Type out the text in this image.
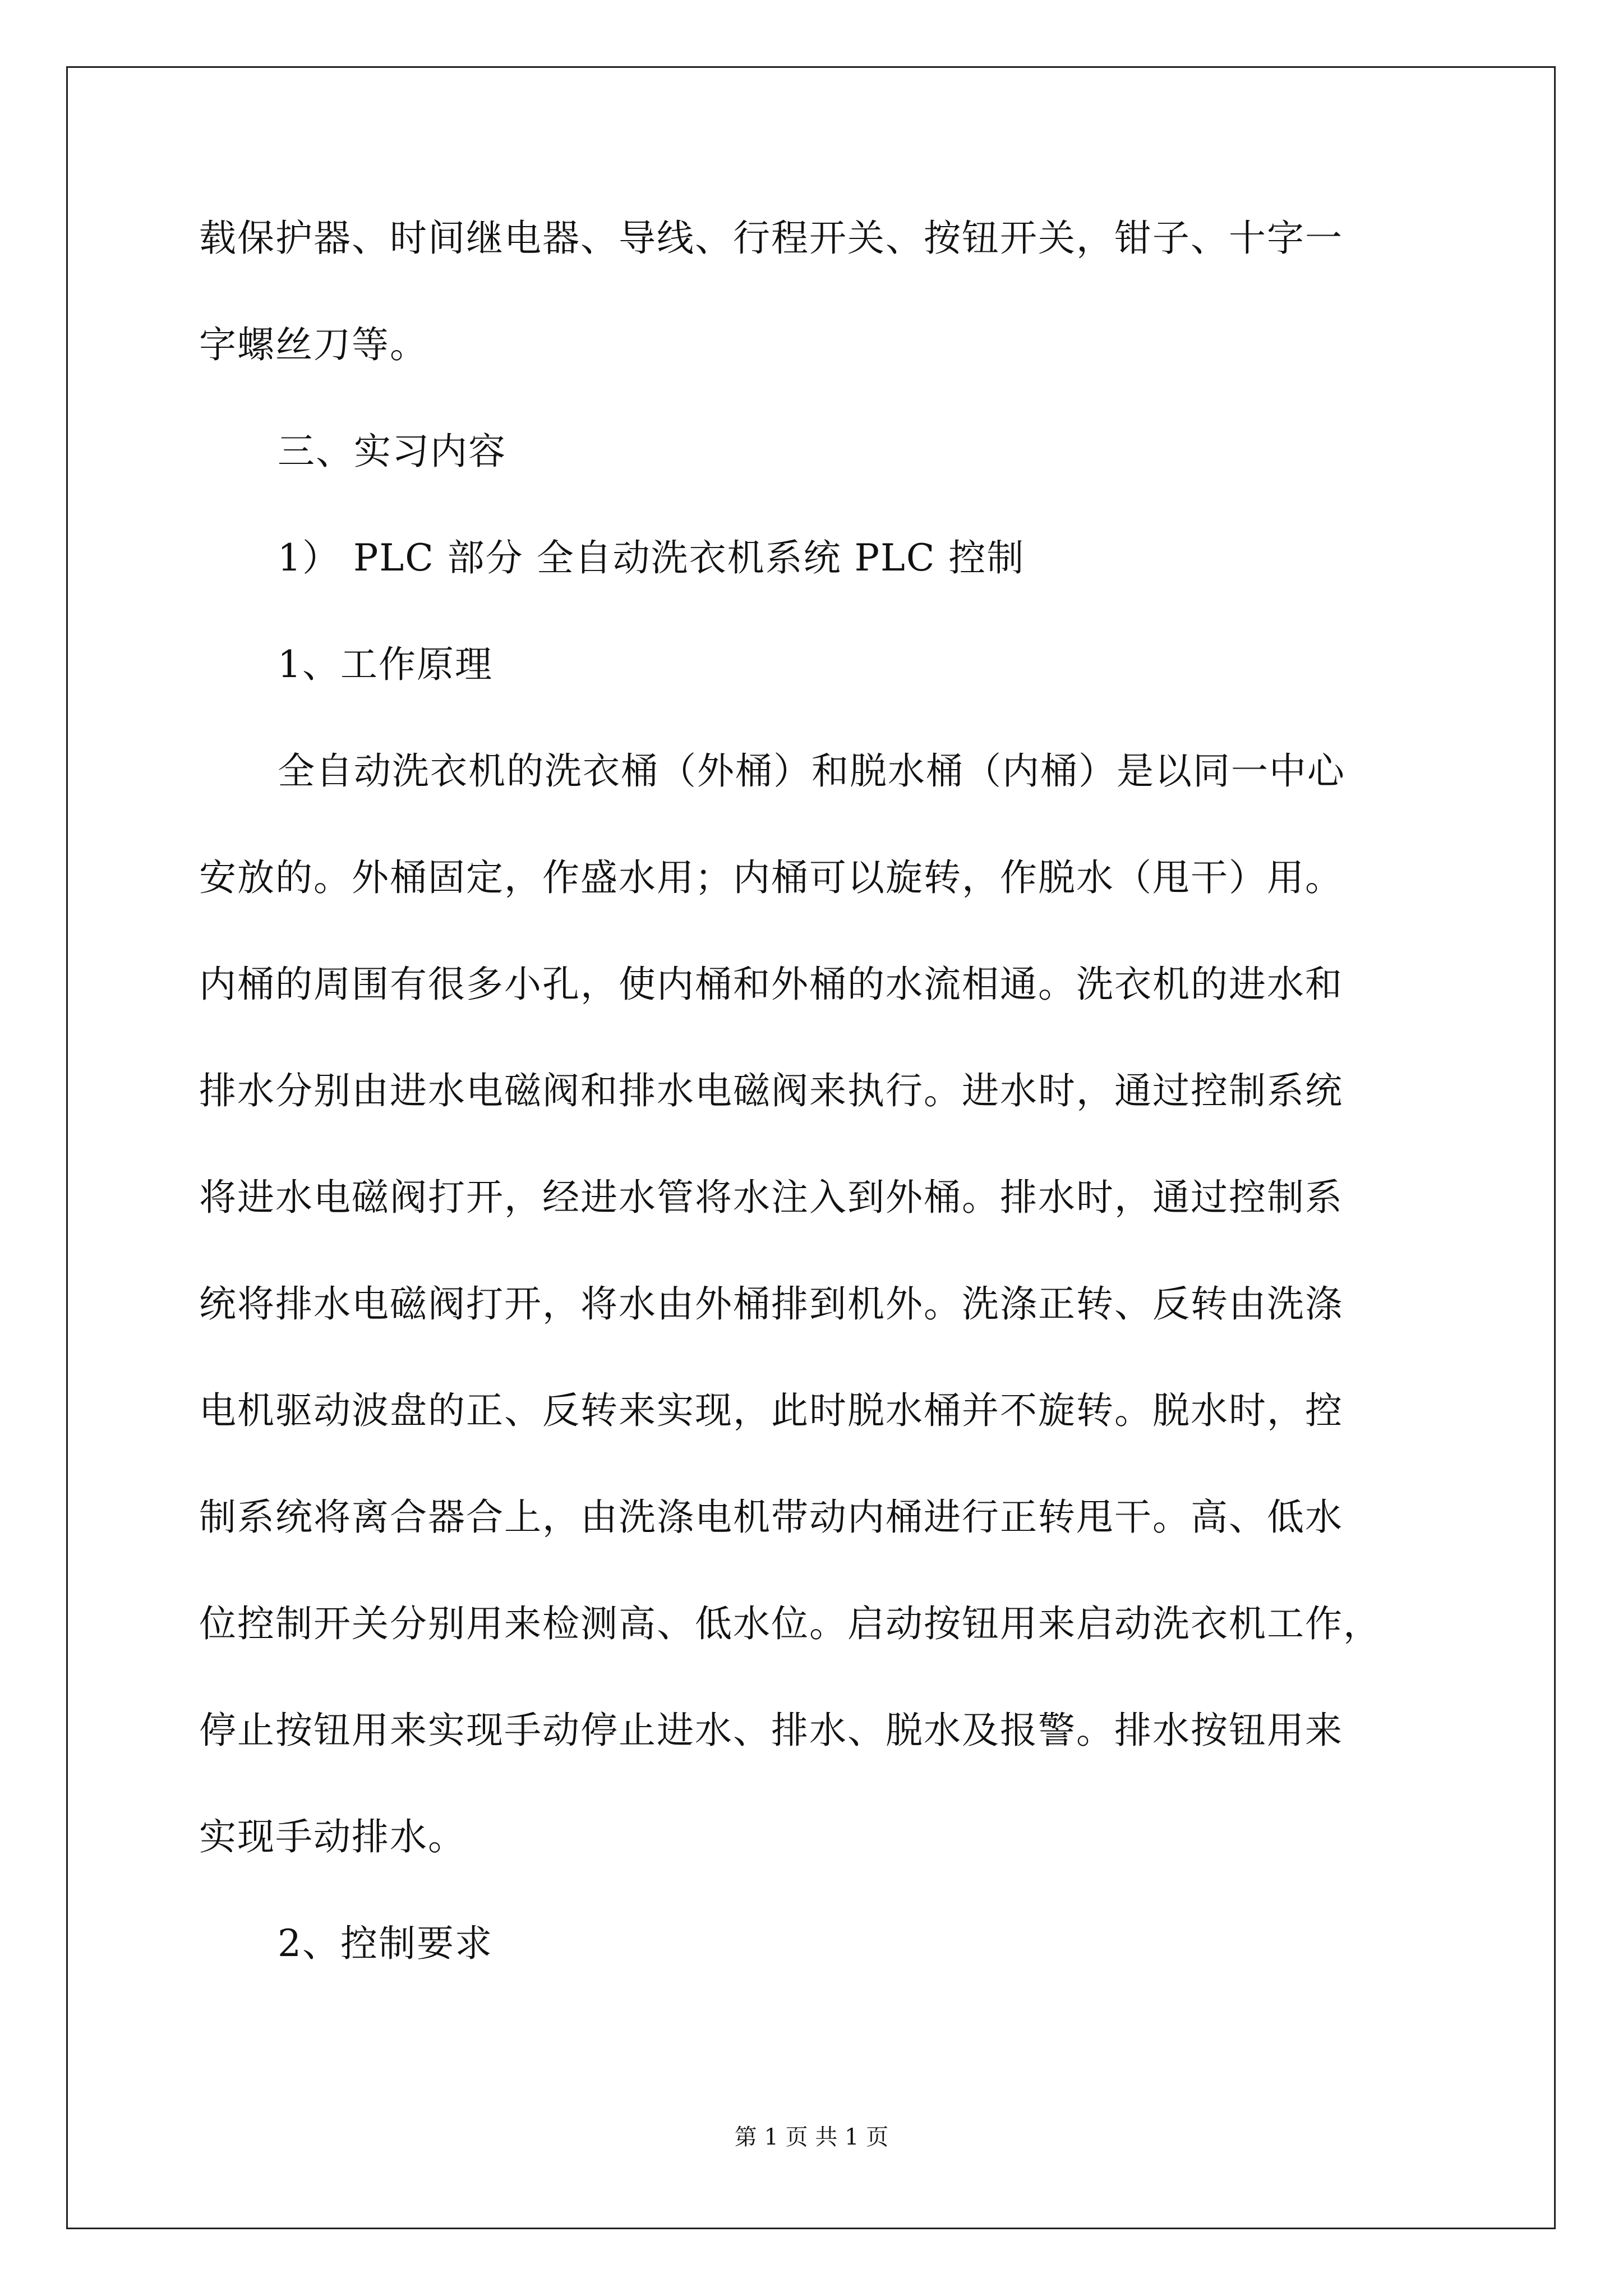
载保护器、时间继电器、导线、行程开关、按钮开关，钳子、十字一
字螺丝刀等。
三、实习内容
1） PLC 部分 全自动洗衣机系统 PLC 控制
1、工作原理
全自动洗衣机的洗衣桶（外桶）和脱水桶（内桶）是以同一中心
安放的。外桶固定，作盛水用；内桶可以旋转，作脱水（甩干）用。
内桶的周围有很多小孔，使内桶和外桶的水流相通。洗衣机的进水和
排水分别由进水电磁阀和排水电磁阀来执行。进水时，通过控制系统
将进水电磁阀打开，经进水管将水注入到外桶。排水时，通过控制系
统将排水电磁阀打开，将水由外桶排到机外。洗涤正转、反转由洗涤
电机驱动波盘的正、反转来实现，此时脱水桶并不旋转。脱水时，控
制系统将离合器合上，由洗涤电机带动内桶进行正转甩干。高、低水
位控制开关分别用来检测高、低水位。启动按钮用来启动洗衣机工作，
停止按钮用来实现手动停止进水、排水、脱水及报警。排水按钮用来
实现手动排水。
2、控制要求
第 1 页 共 1 页
